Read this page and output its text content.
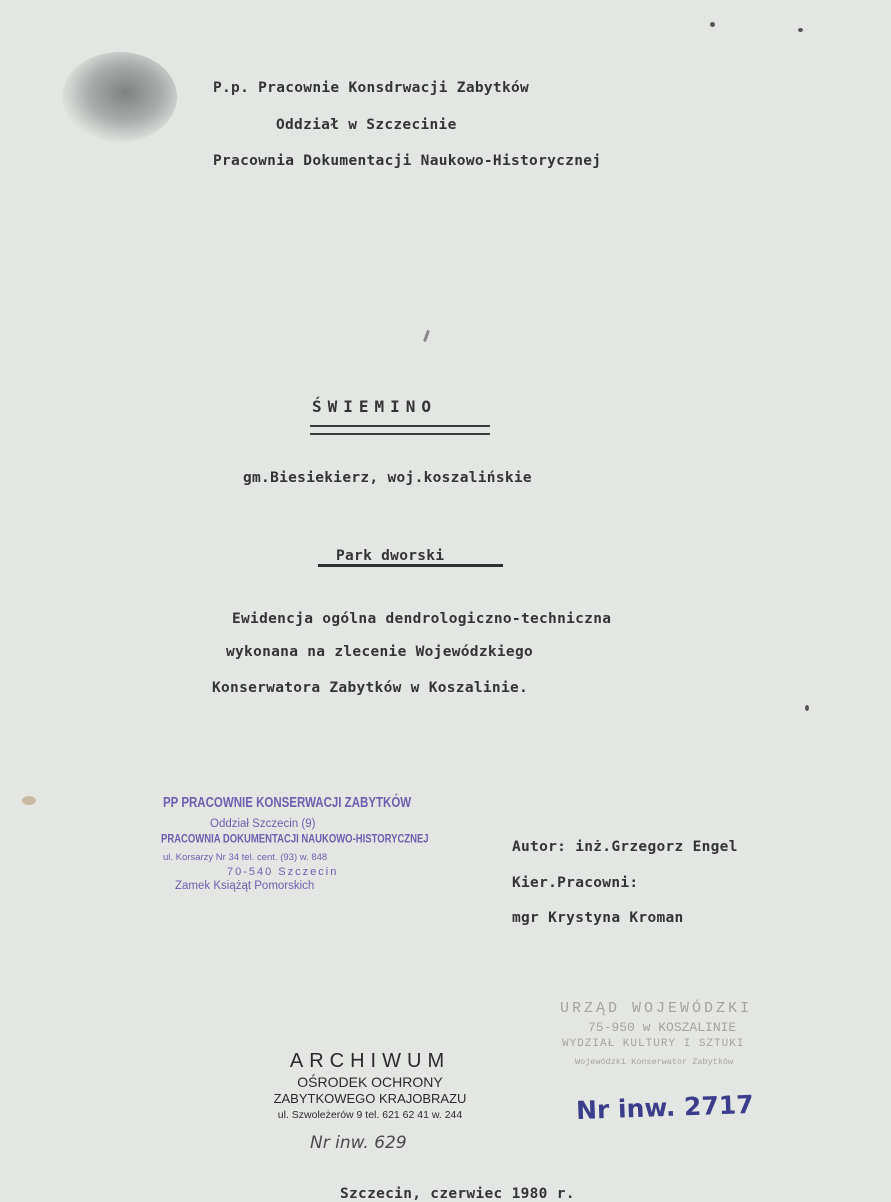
P.p. Pracownie Konsdrwacji Zabytków
Oddział w Szczecinie
Pracownia Dokumentacji Naukowo-Historycznej
ŚWIEMINO
gm.Biesiekierz, woj.koszalińskie
Park dworski
Ewidencja ogólna dendrologiczno-techniczna
wykonana na zlecenie Wojewódzkiego
Konserwatora Zabytków w Koszalinie.
PP PRACOWNIE KONSERWACJI ZABYTKÓW
Oddział Szczecin (9)
PRACOWNIA DOKUMENTACJI NAUKOWO-HISTORYCZNEJ
ul. Korsarzy Nr 34 tel. cent. (93) w. 848
70-540 Szczecin
Zamek Książąt Pomorskich
Autor: inż.Grzegorz Engel
Kier.Pracowni:
mgr Krystyna Kroman
URZĄD WOJEWÓDZKI
75-950 w KOSZALINIE
WYDZIAŁ KULTURY I SZTUKI
Wojewódzki Konserwator Zabytków
ARCHIWUM
OŚRODEK OCHRONY
ZABYTKOWEGO KRAJOBRAZU
ul. Szwoleżerów 9 tel. 621 62 41 w. 244
Nr inw. 629
Nr inw. 2717
Szczecin, czerwiec 1980 r.
